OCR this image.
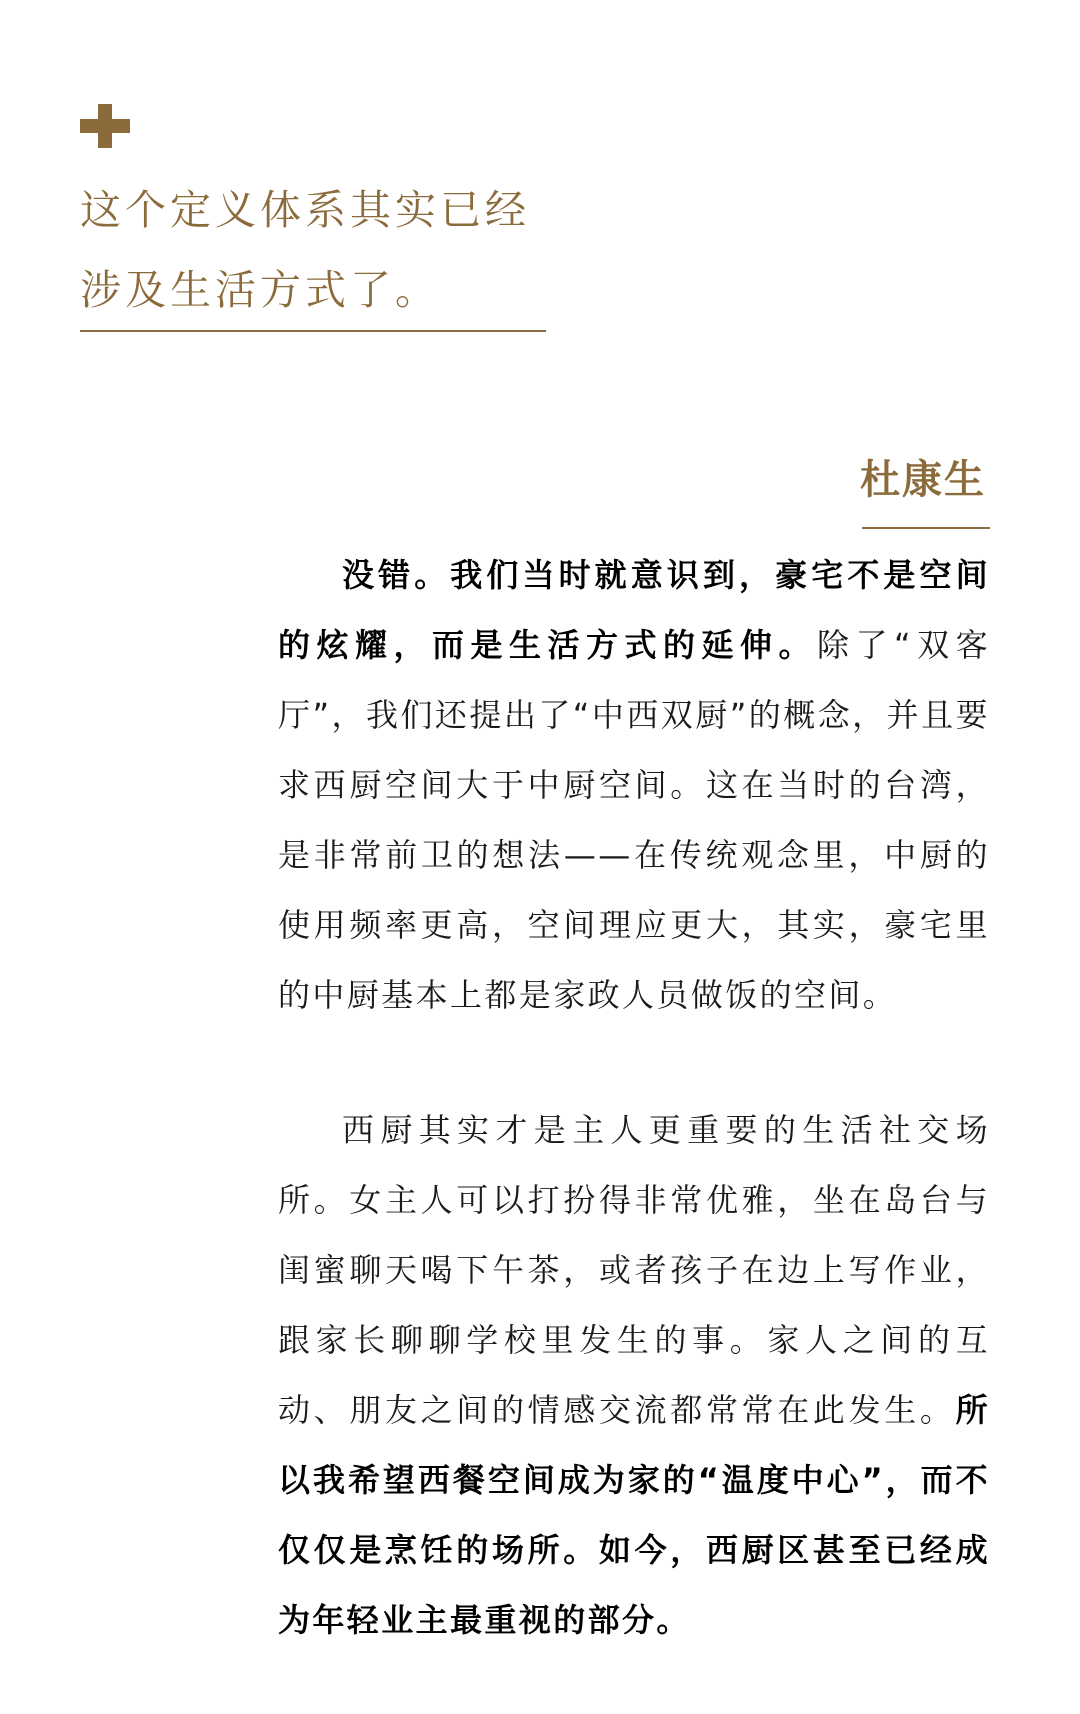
这个定义体系其实已经涉及生活方式了。
杜康生

没错。我们当时就意识到，豪宅不是空间的炫耀，而是生活方式的延伸。除了“双客厅”，我们还提出了“中西双厨”的概念，并且要求西厨空间大于中厨空间。这在当时的台湾，是非常前卫的想法——在传统观念里，中厨的使用频率更高，空间理应更大，其实，豪宅里的中厨基本上都是家政人员做饭的空间。

西厨其实才是主人更重要的生活社交场所。女主人可以打扮得非常优雅，坐在岛台与闺蜜聊天喝下午茶，或者孩子在边上写作业，跟家长聊聊学校里发生的事。家人之间的互动、朋友之间的情感交流都常常在此发生。所以我希望西餐空间成为家的“温度中心”，而不仅仅是烹饪的场所。如今，西厨区甚至已经成为年轻业主最重视的部分。
